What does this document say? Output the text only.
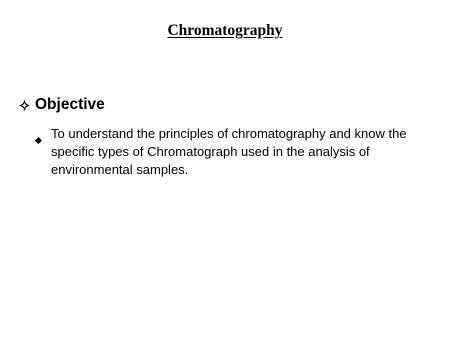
Chromatography
Objective
To understand the principles of chromatography and know the specific types of Chromatograph used in the analysis of environmental samples.
